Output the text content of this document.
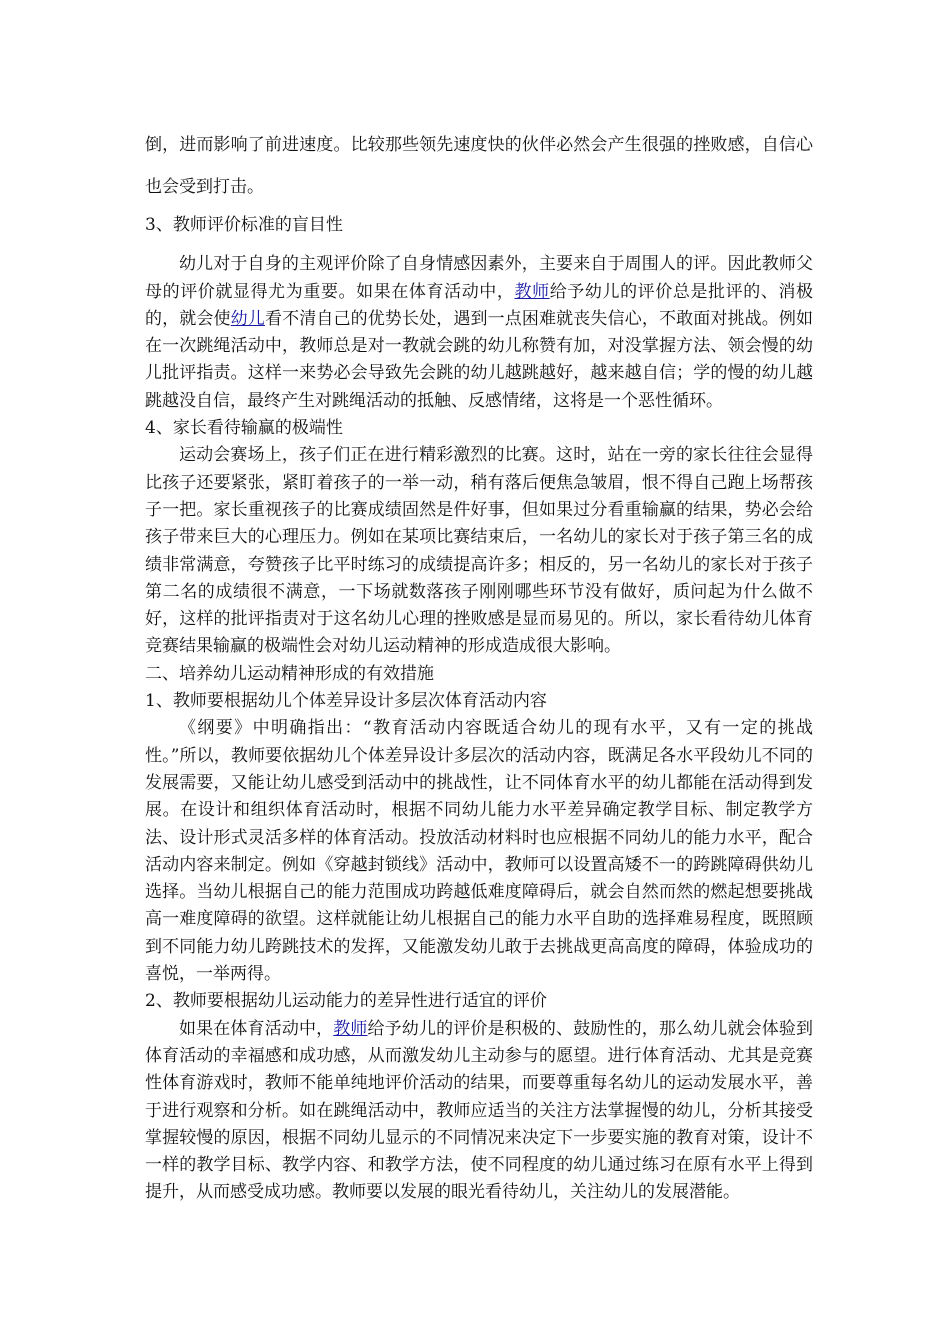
倒，进而影响了前进速度。比较那些领先速度快的伙伴必然会产生很强的挫败感，自信心也会受到打击。

3、教师评价标准的盲目性

幼儿对于自身的主观评价除了自身情感因素外，主要来自于周围人的评。因此教师父母的评价就显得尤为重要。如果在体育活动中，教师给予幼儿的评价总是批评的、消极的，就会使幼儿看不清自己的优势长处，遇到一点困难就丧失信心，不敢面对挑战。例如在一次跳绳活动中，教师总是对一教就会跳的幼儿称赞有加，对没掌握方法、领会慢的幼儿批评指责。这样一来势必会导致先会跳的幼儿越跳越好，越来越自信；学的慢的幼儿越跳越没自信，最终产生对跳绳活动的抵触、反感情绪，这将是一个恶性循环。

4、家长看待输赢的极端性

运动会赛场上，孩子们正在进行精彩激烈的比赛。这时，站在一旁的家长往往会显得比孩子还要紧张，紧盯着孩子的一举一动，稍有落后便焦急皱眉，恨不得自己跑上场帮孩子一把。家长重视孩子的比赛成绩固然是件好事，但如果过分看重输赢的结果，势必会给孩子带来巨大的心理压力。例如在某项比赛结束后，一名幼儿的家长对于孩子第三名的成绩非常满意，夸赞孩子比平时练习的成绩提高许多；相反的，另一名幼儿的家长对于孩子第二名的成绩很不满意，一下场就数落孩子刚刚哪些环节没有做好，质问起为什么做不好，这样的批评指责对于这名幼儿心理的挫败感是显而易见的。所以，家长看待幼儿体育竞赛结果输赢的极端性会对幼儿运动精神的形成造成很大影响。

二、培养幼儿运动精神形成的有效措施

1、教师要根据幼儿个体差异设计多层次体育活动内容

《纲要》中明确指出：“教育活动内容既适合幼儿的现有水平，又有一定的挑战性。”所以，教师要依据幼儿个体差异设计多层次的活动内容，既满足各水平段幼儿不同的发展需要，又能让幼儿感受到活动中的挑战性，让不同体育水平的幼儿都能在活动得到发展。在设计和组织体育活动时，根据不同幼儿能力水平差异确定教学目标、制定教学方法、设计形式灵活多样的体育活动。投放活动材料时也应根据不同幼儿的能力水平，配合活动内容来制定。例如《穿越封锁线》活动中，教师可以设置高矮不一的跨跳障碍供幼儿选择。当幼儿根据自己的能力范围成功跨越低难度障碍后，就会自然而然的燃起想要挑战高一难度障碍的欲望。这样就能让幼儿根据自己的能力水平自助的选择难易程度，既照顾到不同能力幼儿跨跳技术的发挥，又能激发幼儿敢于去挑战更高高度的障碍，体验成功的喜悦，一举两得。

2、教师要根据幼儿运动能力的差异性进行适宜的评价

如果在体育活动中，教师给予幼儿的评价是积极的、鼓励性的，那么幼儿就会体验到体育活动的幸福感和成功感，从而激发幼儿主动参与的愿望。进行体育活动、尤其是竞赛性体育游戏时，教师不能单纯地评价活动的结果，而要尊重每名幼儿的运动发展水平，善于进行观察和分析。如在跳绳活动中，教师应适当的关注方法掌握慢的幼儿，分析其接受掌握较慢的原因，根据不同幼儿显示的不同情况来决定下一步要实施的教育对策，设计不一样的教学目标、教学内容、和教学方法，使不同程度的幼儿通过练习在原有水平上得到提升，从而感受成功感。教师要以发展的眼光看待幼儿，关注幼儿的发展潜能。
